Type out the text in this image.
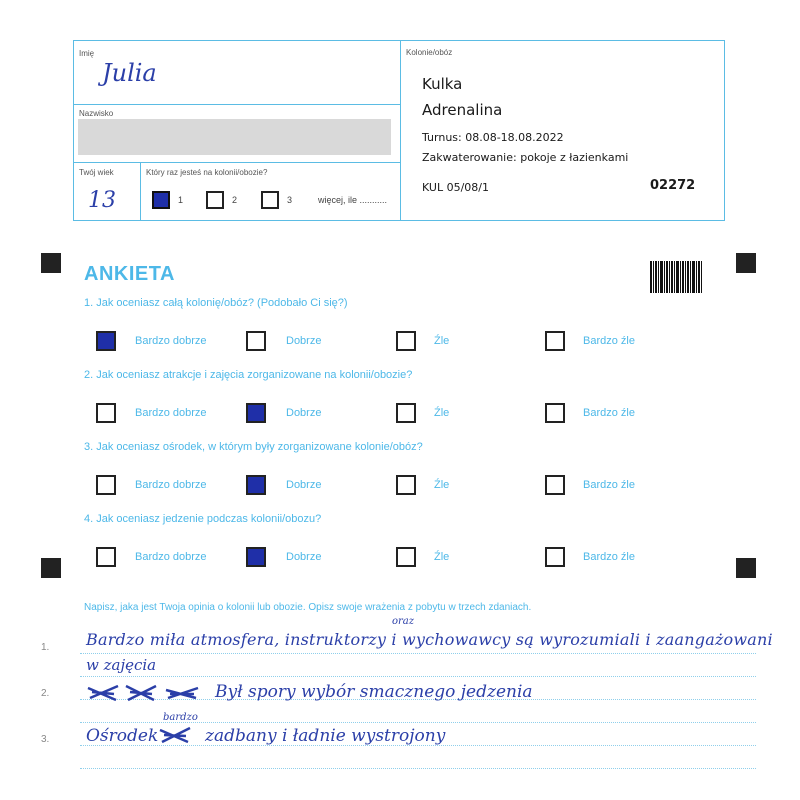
Imię
Julia
Nazwisko
Twój wiek
13
Który raz jesteś na kolonii/obozie?
1	2	3	więcej, ile ...........
Kolonie/obóz
Kulka
Adrenalina
Turnus: 08.08-18.08.2022
Zakwaterowanie: pokoje z łazienkami
KUL 05/08/1	02272
ANKIETA
1. Jak oceniasz całą kolonię/obóz? (Podobało Ci się?)
Bardzo dobrze	Dobrze	Źle	Bardzo źle
2. Jak oceniasz atrakcje i zajęcia zorganizowane na kolonii/obozie?
Bardzo dobrze	Dobrze	Źle	Bardzo źle
3. Jak oceniasz ośrodek, w którym były zorganizowane kolonie/obóz?
Bardzo dobrze	Dobrze	Źle	Bardzo źle
4. Jak oceniasz jedzenie podczas kolonii/obozu?
Bardzo dobrze	Dobrze	Źle	Bardzo źle
Napisz, jaka jest Twoja opinia o kolonii lub obozie. Opisz swoje wrażenia z pobytu w trzech zdaniach.
1.
2.
3.
oraz
Bardzo miła atmosfera, instruktorzy i wychowawcy są wyrozumiali i zaangażowani
w zajęcia
Był spory wybór smacznego jedzenia
Ośrodek
bardzo
zadbany i ładnie wystrojony
